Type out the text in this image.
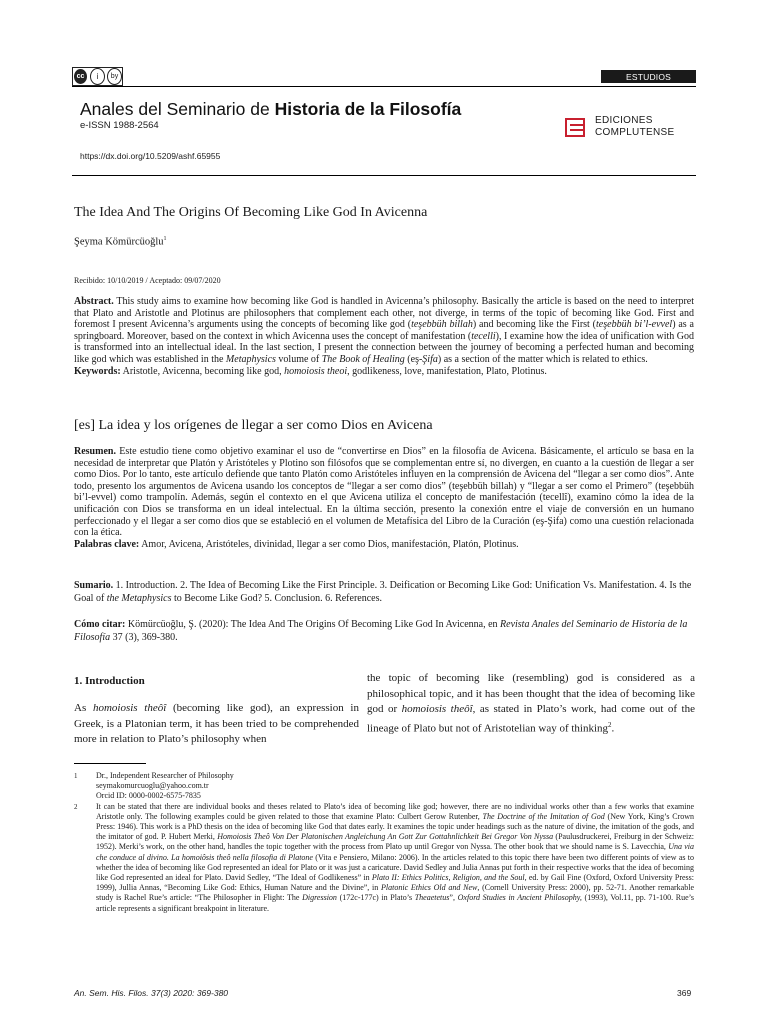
cc	i	by	ESTUDIOS
Anales del Seminario de Historia de la Filosofía
e-ISSN 1988-2564
https://dx.doi.org/10.5209/ashf.65955
EDICIONES
COMPLUTENSE
The Idea And The Origins Of Becoming Like God In Avicenna
Şeyma Kömürcüoğlu$^1$
Recibido: 10/10/2019 / Aceptado: 09/07/2020
Abstract. This study aims to examine how becoming like God is handled in Avicenna’s philosophy. Basically the article is based on the need to interpret that Plato and Aristotle and Plotinus are philosophers that complement each other, not diverge, in terms of the topic of becoming like God. First and foremost I present Avicenna’s arguments using the concepts of becoming like god (teşebbüh billah) and becoming like the First (teşebbüh bi’l-evvel) as a springboard. Moreover, based on the context in which Avicenna uses the concept of manifestation (tecelli), I examine how the idea of unification with God is transformed into an intellectual ideal. In the last section, I present the connection between the journey of becoming a perfected human and becoming like god which was established in the Metaphysics volume of The Book of Healing (eş-Şifa) as a section of the matter which is related to ethics.
Keywords: Aristotle, Avicenna, becoming like god, homoiosis theoi, godlikeness, love, manifestation, Plato, Plotinus.
[es] La idea y los orígenes de llegar a ser como Dios en Avicena
Resumen. Este estudio tiene como objetivo examinar el uso de “convertirse en Dios” en la filosofía de Avicena. Básicamente, el artículo se basa en la necesidad de interpretar que Platón y Aristóteles y Plotino son filósofos que se complementan entre sí, no divergen, en cuanto a la cuestión de llegar a ser como Dios. Por lo tanto, este artículo defiende que tanto Platón como Aristóteles influyen en la comprensión de Avicena del “llegar a ser como dios”. Ante todo, presento los argumentos de Avicena usando los conceptos de “llegar a ser como dios” (teşebbüh billah) y “llegar a ser como el Primero” (teşebbüh bi’l-evvel) como trampolín. Además, según el contexto en el que Avicena utiliza el concepto de manifestación (tecellî), examino cómo la idea de la unificación con Dios se transforma en un ideal intelectual. En la última sección, presento la conexión entre el viaje de conversión en un humano perfeccionado y el llegar a ser como dios que se estableció en el volumen de Metafísica del Libro de la Curación (eş-Şifa) como una cuestión relacionada con la ética.
Palabras clave: Amor, Avicena, Aristóteles, divinidad, llegar a ser como Dios, manifestación, Platón, Plotinus.
Sumario. 1. Introduction. 2. The Idea of Becoming Like the First Principle. 3. Deification or Becoming Like God: Unification Vs. Manifestation. 4. Is the Goal of the Metaphysics to Become Like God? 5. Conclusion. 6. References.
Cómo citar: Kömürcüoğlu, Ş. (2020): The Idea And The Origins Of Becoming Like God In Avicenna, en Revista Anales del Seminario de Historia de la Filosofía 37 (3), 369-380.
1. Introduction
As homoiosis theôî (becoming like god), an expression in Greek, is a Platonian term, it has been tried to be comprehended more in relation to Plato’s philosophy when
the topic of becoming like (resembling) god is considered as a philosophical topic, and it has been thought that the idea of becoming like god or homoiosis theôî, as stated in Plato’s work, had come out of the lineage of Plato but not of Aristotelian way of thinking$^2$.
1	Dr., Independent Researcher of Philosophy
seymakomurcuoglu@yahoo.com.tr
Orcid ID: 0000-0002-6575-7835
2	It can be stated that there are individual books and theses related to Plato’s idea of becoming like god; however, there are no individual works other than a few works that examine Aristotle only. The following examples could be given related to those that examine Plato: Culbert Gerow Rutenber, The Doctrine of the Imitation of God (New York, King’s Crown Press: 1946). This work is a PhD thesis on the idea of becoming like God that dates early. It examines the topic under headings such as the nature of divine, the imitation of the gods, and the imitator of god. P. Hubert Merki, Homoiosis Theô Von Der Platonischen Angleichung An Gott Zur Gottahnlichkeit Bei Gregor Von Nyssa (Paulusdruckerei, Freiburg in der Schweiz: 1952). Merki’s work, on the other hand, handles the topic together with the process from Plato up until Gregor von Nyssa. The other book that we should name is S. Lavecchia, Una via che conduce al divino. La homoiôsis theô nella filosofia di Platone (Vita e Pensiero, Milano: 2006). In the articles related to this topic there have been two different points of view as to whether the idea of becoming like God represented an ideal for Plato or it was just a caricature. David Sedley and Julia Annas put forth in their respective works that the idea of becoming like God represented an ideal for Plato. David Sedley, “The Ideal of Godlikeness” in Plato II: Ethics Politics, Religion, and the Soul, ed. by Gail Fine (Oxford, Oxford University Press: 1999), Jullia Annas, “Becoming Like God: Ethics, Human Nature and the Divine”, in Platonic Ethics Old and New, (Cornell University Press: 2000), pp. 52-71. Another remarkable study is Rachel Rue’s article: “The Philosopher in Flight: The Digression (172c-177c) in Plato’s Theaetetus”, Oxford Studies in Ancient Philosophy, (1993), Vol.11, pp. 71-100. Rue’s article represents a significant breakpoint in literature.
An. Sem. His. Filos. 37(3) 2020: 369-380	369
